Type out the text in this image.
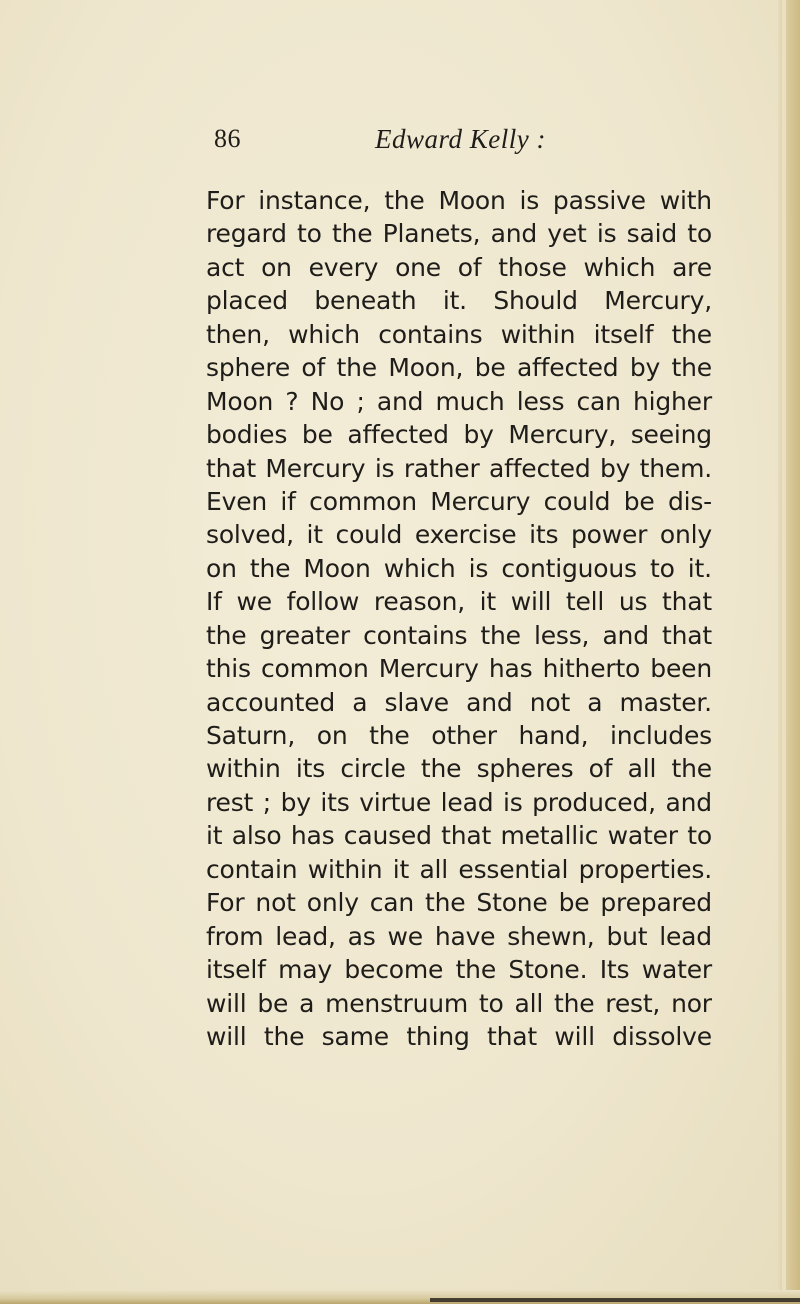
86	Edward Kelly :
For instance, the Moon is passive with
regard to the Planets, and yet is said to
act on every one of those which are
placed beneath it. Should Mercury,
then, which contains within itself the
sphere of the Moon, be affected by the
Moon ? No ; and much less can higher
bodies be affected by Mercury, seeing
that Mercury is rather affected by them.
Even if common Mercury could be dis-
solved, it could exercise its power only
on the Moon which is contiguous to it.
If we follow reason, it will tell us that
the greater contains the less, and that
this common Mercury has hitherto been
accounted a slave and not a master.
Saturn, on the other hand, includes
within its circle the spheres of all the
rest ; by its virtue lead is produced, and
it also has caused that metallic water to
contain within it all essential properties.
For not only can the Stone be prepared
from lead, as we have shewn, but lead
itself may become the Stone. Its water
will be a menstruum to all the rest, nor
will the same thing that will dissolve
